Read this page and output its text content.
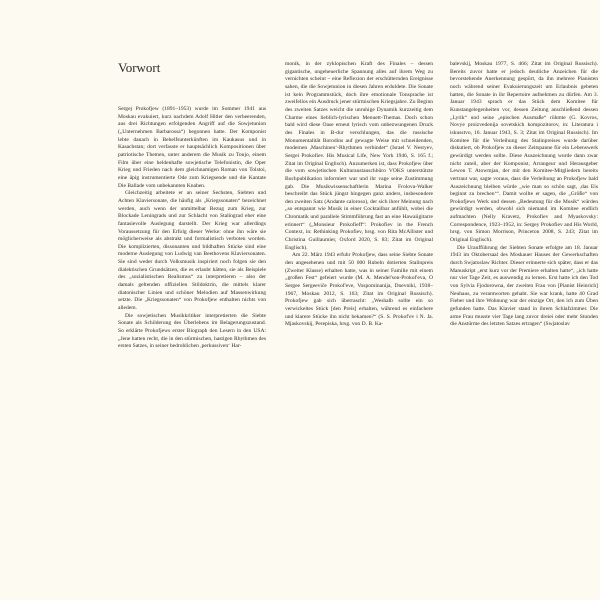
Vorwort

Sergej Prokofjew (1891–1953) wurde im Sommer 1941 aus Moskau evakuiert, kurz nachdem Adolf Hitler den verheerenden, aus drei Richtungen erfolgenden Angriff auf die Sowjetunion („Unternehmen Barbarossa“) begonnen hatte. Der Komponist lebte danach in Behelfsunterkünften im Kaukasus und in Kasachstan; dort verfasste er hauptsächlich Kompositionen über patriotische Themen, unter anderem die Musik zu Tonjo, einem Film über eine heldenhafte sowjetische Telefonistin, die Oper Krieg und Frieden nach dem gleichnamigen Roman von Tolstoi, eine äpig instrumentierte Ode zum Kriegsende und die Kantate Die Ballade vom unbekannten Knaben.

Gleichzeitig arbeitete er an seiner Sechsten, Siebten und Achten Klaviersonate, die häufig als „Kriegssonaten“ bezeichnet werden, auch wenn der unmittelbar Bezug zum Krieg, zur Blockade Leningrads und zur Schlacht von Stalingrad eher eine fantasievolle Auslegung darstellt. Der Krieg war allerdings Voraussetzung für den Erfolg dieser Werke: ohne ihn wäre sie möglicherweise als abstrakt und formalistisch verboten worden. Die komplizierten, dissonanten und bildhaften Stücke sind eine moderne Auslegung von Ludwig van Beethovens Klaviersonaten. Sie sind weder durch Volksmusik inspiriert noch folgen sie den dialektischen Grundsätzen, die es erlaubt hätten, sie als Beispiele des „sozialistischen Realismus“ zu interpretieren – also der damals geltenden offiziellen Stildoktrin, die mittels klarer diatonischer Linien und schöner Melodien auf Massenwirkung setzte. Die „Kriegssonaten“ von Prokofjew enthalten nichts von alledem.

Die sowjetischen Musikkritiker interpretierten die Siebte Sonate als Schilderung des Überlebens im Belagerungszustand. So erklärte Prokofjews erster Biograph den Lesern in den USA: „Jene hatten recht, die in den stürmischen, hastigen Rhythmen des ersten Satzes, in seiner bedrohlichen ,perkussiven‘ Har-

monik, in der zyklopischen Kraft des Finales – dessen gigantische, ungeheuerliche Spannung alles auf ihrem Weg zu vernichten scheint – eine Reflexion der erschütternden Ereignisse sahen, die die Sowjetunion in diesen Jahren erduldete. Die Sonate ist kein Programmstück, doch ihre emotionale Tonsprache ist zweifellos ein Ausdruck jener stürmischen Kriegsjahre. Zu Beginn des zweiten Satzes weicht die unruhige Dynamik kurzzeitig dem Charme eines lieblich-lyrischen Menuett-Themas. Doch schon bald wird diese Oase erneut lyrisch vom unbezwungenen Druck des Finales in B-dur verschlungen, das die russische Monumentalität Borodins auf gewagte Weise mit schneidenden, modernen ,Maschinen‘-Rhythmen verbindet“ (Israel V. Nestyev, Sergei Prokofiev. His Musical Life, New York 1946, S. 165 f.; Zitat im Original Englisch). Anzumerken ist, dass Prokofjew über die vom sowjetischen Kulturaustauschbüro VOKS unterstützte Buchpublikation informiert war und ihr vage seine Zustimmung gab. Die Musikwissenschaftlerin Marina Frolova-Walker beschreibt das Stück jüngst hingegen ganz anders, insbesondere den zweiten Satz (Andante caloroso), der sich ihrer Meinung nach „so entspannt wie Musik in einer Cocktailbar anfühlt, wobei die Chromatik und parallele Stimmführung fast an eine Hawaiigitarre erinnert“ („Monsieur Prokofieff“: Prokofiev in the French Context, in: Rethinking Prokofiev, hrsg. von Rita McAllister und Christina Guillaumier, Oxford 2020, S. 83; Zitat im Original Englisch).

Am 22. März 1943 erfuhr Prokofjew, dass seine Siebte Sonate den angesehenen und mit 50 000 Rubeln dotierten Stalinpreis (Zweiter Klasse) erhalten hatte, was in seiner Familie mit einem „großen Fest“ gefeiert wurde (M. A. Mendel'son-Prokof'eva, O Sergee Sergeeviče Prokof'eve, Vospominanija, Dnevniki, 1938–1967, Moskau 2012, S. 163; Zitat im Original Russisch). Prokofjew gab sich überrascht: „Weshalb sollte ein so verwickeltes Stück [den Preis] erhalten, während es einfachere und klarere Stücke ihn nicht bekamen?“ (S. S. Prokof'ev i N. Ja. Mjaskovskij, Perepiska, hrsg. von D. B. Ka-

balevskij, Moskau 1977, S. 466; Zitat im Original Russisch). Bereits zuvor hatte er jedoch deutliche Anzeichen für die bevorstehende Anerkennung gespürt, da ihn mehrere Pianisten noch während seiner Evakuierungszeit um Erlaubnis gebeten hatten, die Sonate in ihr Repertoire aufnehmen zu dürfen. Am 3. Januar 1943 sprach er das Stück dem Komitee für Kunstangelegenheiten vor, dessen Zeitung anschließend dessen „Lyrik“ und seine „epischen Ausmaße“ rühmte (G. Kovros, Novye proizvedenija sovetskich kompozitorov, in: Literatura i iskusstvo, 16. Januar 1943, S. 3; Zitat im Original Russisch). Im Komitee für die Verleihung des Stalinpreises wurde darüber diskutiert, ob Prokofjew zu dieser Zeitspanne für ein Lebenswerk gewürdigt werden sollte. Diese Auszeichnung wurde dann zwar nicht zuteil, aber der Komponist, Arrangeur und Herausgeber Lewon T. Atowmjan, der mit den Komitee-Mitgliedern bereits vertraut war, sagte voraus, dass die Verleihung an Prokofjew bald Auszeichnung bleiben würde „wie man so schön sagt, ,das Eis beginnt zu brechen‘“. Damit wollte er sagen, die „Größe“ von Prokofjews Werk und dessen „Bedeutung für die Musik“ würden gewürdigt werden, obwohl sich niemand im Komitee endlich aufmachten (Nelly Kravetz, Prokofiev and Myaskovsky: Correspondence, 1923–1952, in: Sergey Prokofiev and His World, hrsg. von Simon Morrison, Princeton 2008, S. 243; Zitat im Original Englisch).

Die Uraufführung der Siebten Sonate erfolgte am 18. Januar 1943 im Oktobersaal des Moskauer Hauses der Gewerkschaften durch Swjatoslaw Richter. Dieser erinnerte sich später, dass er das Manuskript „erst kurz vor der Premiere erhalten hatte“, „ich hatte nur vier Tage Zeit, es auswendig zu lernen. Erst hatte ich den Tod von Sylvia Fjodorowna, der zweiten Frau von [Pianist Heinrich] Neuhaus, zu verantworten gehabt. Sie war krank, hatte 40 Grad Fieber und ihre Wohnung war der einzige Ort, den ich zum Üben gefunden hatte. Das Klavier stand in ihrem Schlafzimmer. Die arme Frau musste vier Tage lang zuvor dreiei oder mehr Stunden die Anstürme des letzten Satzes ertragen“ (Swjatoslav
